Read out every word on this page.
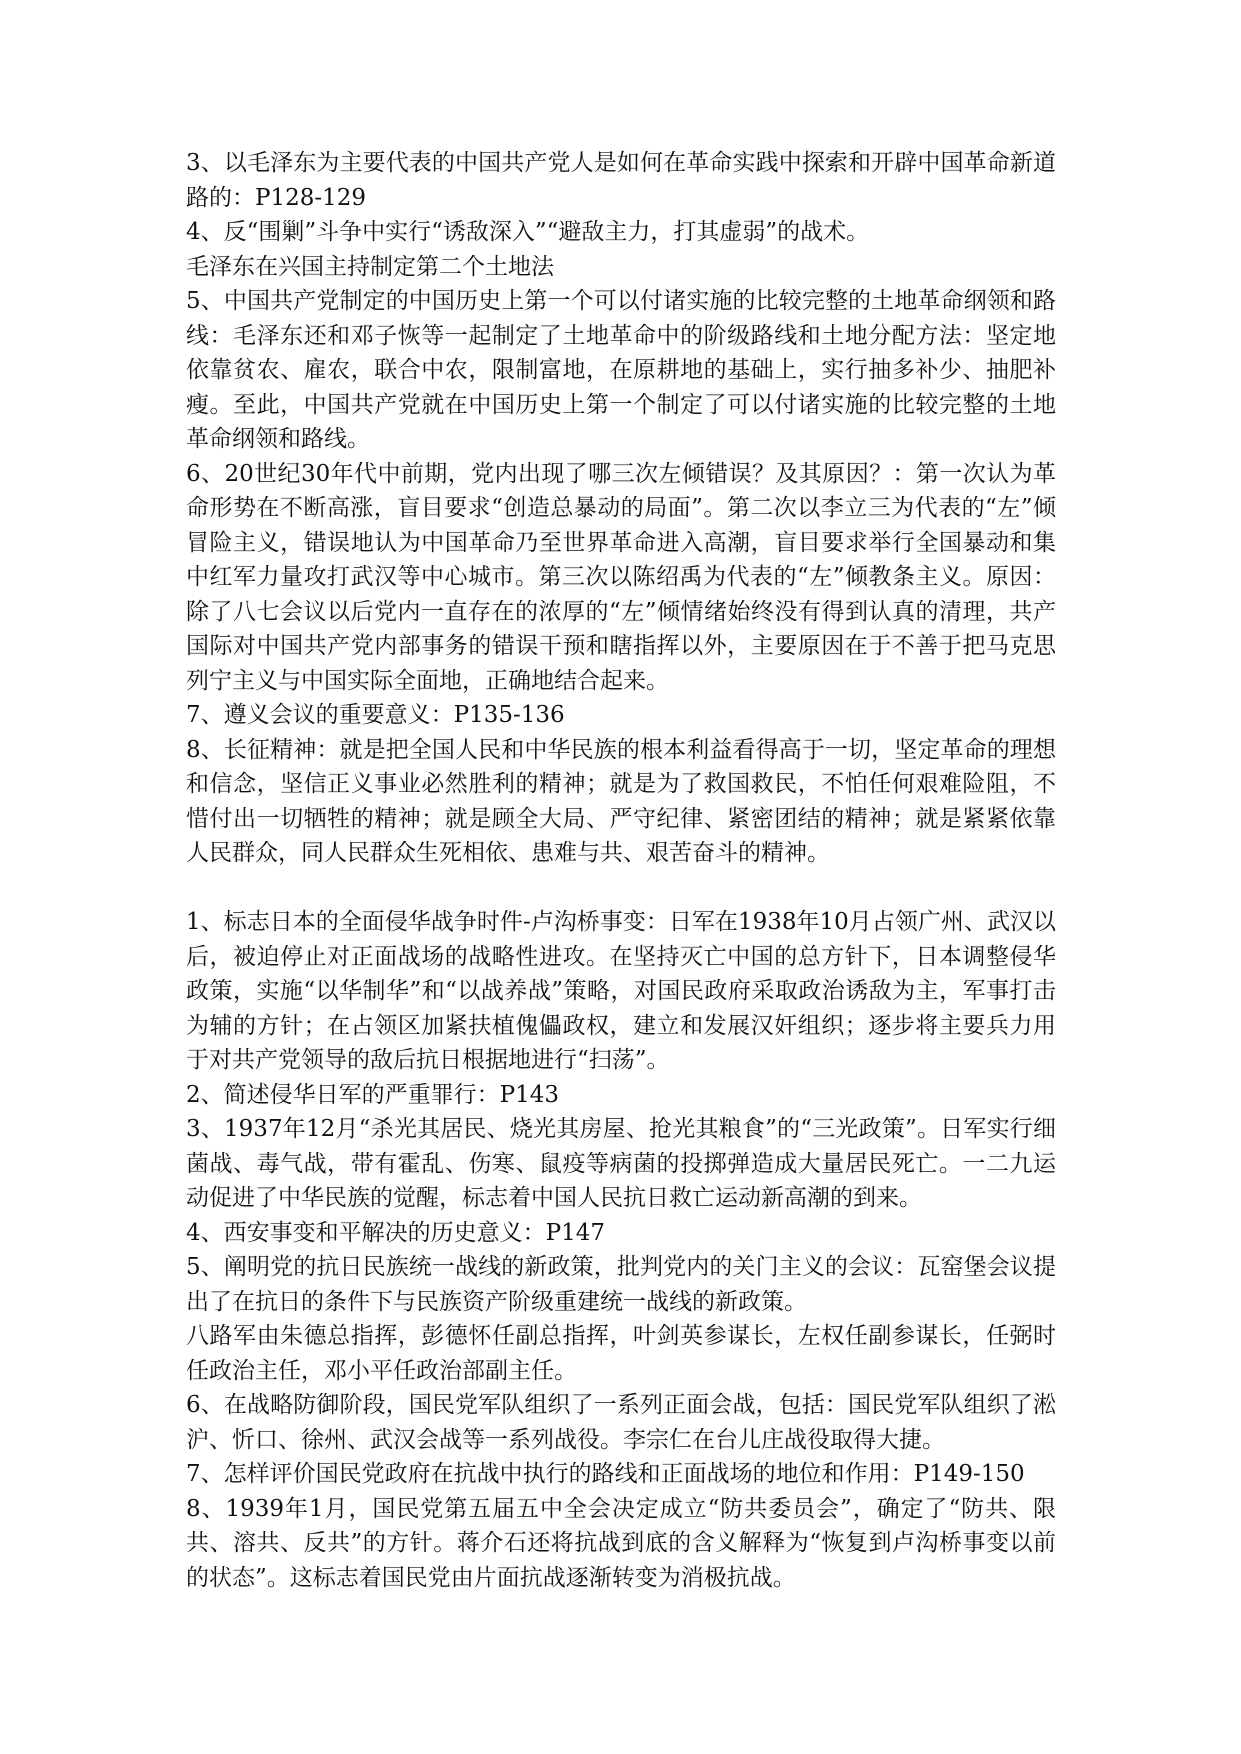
3、以毛泽东为主要代表的中国共产党人是如何在革命实践中探索和开辟中国革命新道路的：P128-129

4、反“围剿”斗争中实行“诱敌深入”“避敌主力，打其虚弱”的战术。

毛泽东在兴国主持制定第二个土地法

5、中国共产党制定的中国历史上第一个可以付诸实施的比较完整的土地革命纲领和路线：毛泽东还和邓子恢等一起制定了土地革命中的阶级路线和土地分配方法：坚定地依靠贫农、雇农，联合中农，限制富地，在原耕地的基础上，实行抽多补少、抽肥补瘦。至此，中国共产党就在中国历史上第一个制定了可以付诸实施的比较完整的土地革命纲领和路线。

6、20世纪30年代中前期，党内出现了哪三次左倾错误？及其原因？：第一次认为革命形势在不断高涨，盲目要求“创造总暴动的局面”。第二次以李立三为代表的“左”倾冒险主义，错误地认为中国革命乃至世界革命进入高潮，盲目要求举行全国暴动和集中红军力量攻打武汉等中心城市。第三次以陈绍禹为代表的“左”倾教条主义。原因：除了八七会议以后党内一直存在的浓厚的“左”倾情绪始终没有得到认真的清理，共产国际对中国共产党内部事务的错误干预和瞎指挥以外，主要原因在于不善于把马克思列宁主义与中国实际全面地，正确地结合起来。

7、遵义会议的重要意义：P135-136

8、长征精神：就是把全国人民和中华民族的根本利益看得高于一切，坚定革命的理想和信念，坚信正义事业必然胜利的精神；就是为了救国救民，不怕任何艰难险阻，不惜付出一切牺牲的精神；就是顾全大局、严守纪律、紧密团结的精神；就是紧紧依靠人民群众，同人民群众生死相依、患难与共、艰苦奋斗的精神。

1、标志日本的全面侵华战争时件-卢沟桥事变：日军在1938年10月占领广州、武汉以后，被迫停止对正面战场的战略性进攻。在坚持灭亡中国的总方针下，日本调整侵华政策，实施“以华制华”和“以战养战”策略，对国民政府采取政治诱敌为主，军事打击为辅的方针；在占领区加紧扶植傀儡政权，建立和发展汉奸组织；逐步将主要兵力用于对共产党领导的敌后抗日根据地进行“扫荡”。

2、简述侵华日军的严重罪行：P143

3、1937年12月“杀光其居民、烧光其房屋、抢光其粮食”的“三光政策”。日军实行细菌战、毒气战，带有霍乱、伤寒、鼠疫等病菌的投掷弹造成大量居民死亡。一二九运动促进了中华民族的觉醒，标志着中国人民抗日救亡运动新高潮的到来。

4、西安事变和平解决的历史意义：P147

5、阐明党的抗日民族统一战线的新政策，批判党内的关门主义的会议：瓦窑堡会议提出了在抗日的条件下与民族资产阶级重建统一战线的新政策。

八路军由朱德总指挥，彭德怀任副总指挥，叶剑英参谋长，左权任副参谋长，任弼时任政治主任，邓小平任政治部副主任。

6、在战略防御阶段，国民党军队组织了一系列正面会战，包括：国民党军队组织了淞沪、忻口、徐州、武汉会战等一系列战役。李宗仁在台儿庄战役取得大捷。

7、怎样评价国民党政府在抗战中执行的路线和正面战场的地位和作用：P149-150

8、1939年1月，国民党第五届五中全会决定成立“防共委员会”，确定了“防共、限共、溶共、反共”的方针。蒋介石还将抗战到底的含义解释为“恢复到卢沟桥事变以前的状态”。这标志着国民党由片面抗战逐渐转变为消极抗战。
